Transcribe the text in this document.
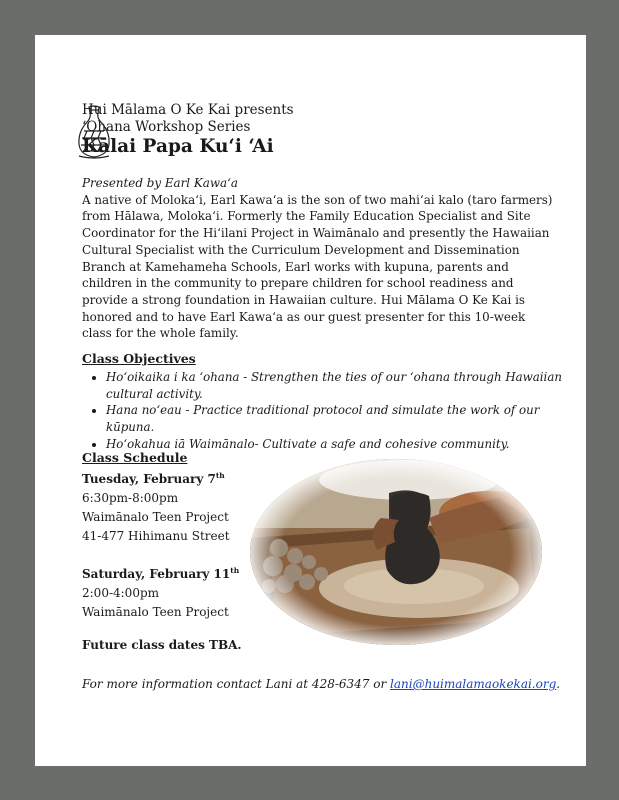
Hui Mālama O Ke Kai presents
ʻOhana Workshop Series
Kālai Papa Kuʻi ʻAi

Presented by Earl Kawaʻa

A native of Molokaʻi, Earl Kawaʻa is the son of two mahiʻai kalo (taro farmers) from Hālawa, Molokaʻi. Formerly the Family Education Specialist and Site Coordinator for the Hiʻilani Project in Waimānalo and presently the Hawaiian Cultural Specialist with the Curriculum Development and Dissemination Branch at Kamehameha Schools, Earl works with kupuna, parents and children in the community to prepare children for school readiness and provide a strong foundation in Hawaiian culture. Hui Mālama O Ke Kai is honored and to have Earl Kawaʻa as our guest presenter for this 10-week class for the whole family.

Class Objectives
• Hoʻoikaika i ka ʻohana - Strengthen the ties of our ʻohana through Hawaiian cultural activity.
• Hana noʻeau - Practice traditional protocol and simulate the work of our kūpuna.
• Hoʻokahua iā Waimānalo- Cultivate a safe and cohesive community.
Class Schedule
Tuesday, February 7th
6:30pm-8:00pm
Waimānalo Teen Project
41-477 Hihimanu Street
Saturday, February 11th
2:00-4:00pm
Waimānalo Teen Project
Future class dates TBA.
For more information contact Lani at 428-6347 or lani@huimalamaokekai.org.
